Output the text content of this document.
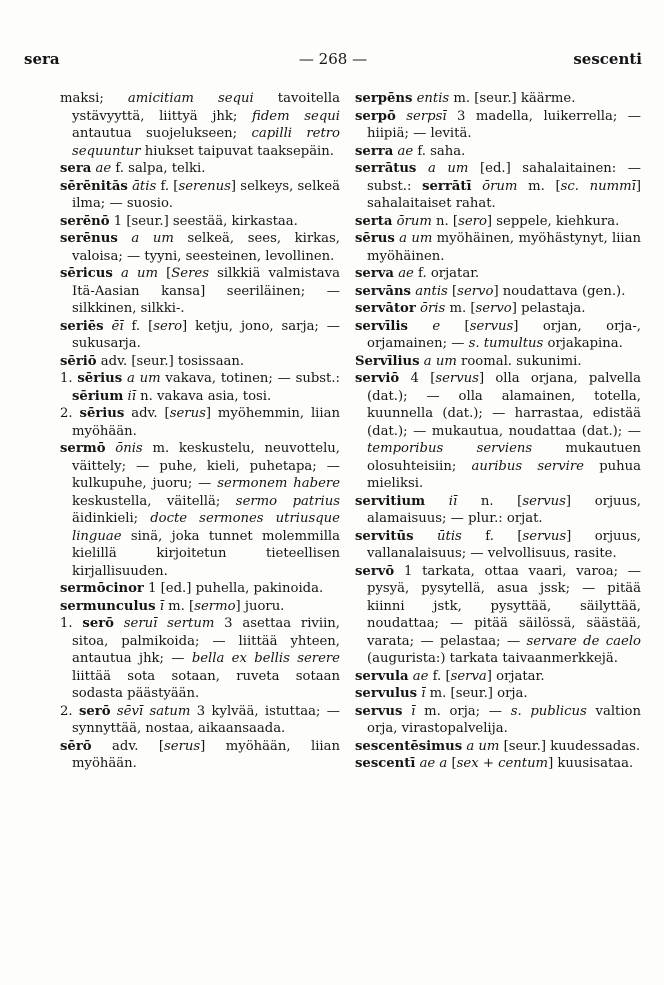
sera	— 268 —	sescenti

maksi; amicitiam sequi tavoitella ystävyyttä, liittyä jhk; fidem sequi antautua suojelukseen; capilli retro sequuntur hiukset taipuvat taaksepäin.

sera ae f. salpa, telki.

sērēnitās ātis f. [serenus] selkeys, selkeä ilma; — suosio.

serēnō 1 [seur.] seestää, kirkastaa.

serēnus a um selkeä, sees, kirkas, valoisa; — tyyni, seesteinen, levollinen.

sēricus a um [Seres silkkiä valmistava Itä-Aasian kansa] seeriläinen; — silkkinen, silkki-.

seriēs ēī f. [sero] ketju, jono, sarja; — sukusarja.

sēriō adv. [seur.] tosissaan.

1. sērius a um vakava, totinen; — subst.: sērium iī n. vakava asia, tosi.

2. sērius adv. [serus] myöhemmin, liian myöhään.

sermō ōnis m. keskustelu, neuvottelu, väittely; — puhe, kieli, puhetapa; — kulkupuhe, juoru; — sermonem habere keskustella, väitellä; sermo patrius äidinkieli; docte sermones utriusque linguae sinä, joka tunnet molemmilla kielillä kirjoitetun tieteellisen kirjallisuuden.

sermōcinor 1 [ed.] puhella, pakinoida.

sermunculus ī m. [sermo] juoru.

1. serō seruī sertum 3 asettaa riviin, sitoa, palmikoida; — liittää yhteen, antautua jhk; — bella ex bellis serere liittää sota sotaan, ruveta sotaan sodasta päästyään.

2. serō sēvī satum 3 kylvää, istuttaa; — synnyttää, nostaa, aikaansaada.

sērō adv. [serus] myöhään, liian myöhään.

serpēns entis m. [seur.] käärme.

serpō serpsī 3 madella, luikerrella; — hiipiä; — levitä.

serra ae f. saha.

serrātus a um [ed.] sahalaitainen: — subst.: serrātī ōrum m. [sc. nummī] sahalaitaiset rahat.

serta ōrum n. [sero] seppele, kiehkura.

sērus a um myöhäinen, myöhästynyt, liian myöhäinen.

serva ae f. orjatar.

servāns antis [servo] noudattava (gen.).

servātor ōris m. [servo] pelastaja.

servīlis e [servus] orjan, orja-, orjamainen; — s. tumultus orjakapina.

Servīlius a um roomal. sukunimi.

serviō 4 [servus] olla orjana, palvella (dat.); — olla alamainen, totella, kuunnella (dat.); — harrastaa, edistää (dat.); — mukautua, noudattaa (dat.); — temporibus serviens mukautuen olosuhteisiin; auribus servire puhua mieliksi.

servitium iī n. [servus] orjuus, alamaisuus; — plur.: orjat.

servitūs ūtis f. [servus] orjuus, vallanalaisuus; — velvollisuus, rasite.

servō 1 tarkata, ottaa vaari, varoa; — pysyä, pysytellä, asua jssk; — pitää kiinni jstk, pysyttää, säilyttää, noudattaa; — pitää säilössä, säästää, varata; — pelastaa; — servare de caelo (augurista:) tarkata taivaanmerkkejä.

servula ae f. [serva] orjatar.

servulus ī m. [seur.] orja.

servus ī m. orja; — s. publicus valtion orja, virastopalvelija.

sescentēsimus a um [seur.] kuudessadas.

sescentī ae a [sex + centum] kuusisataa.
